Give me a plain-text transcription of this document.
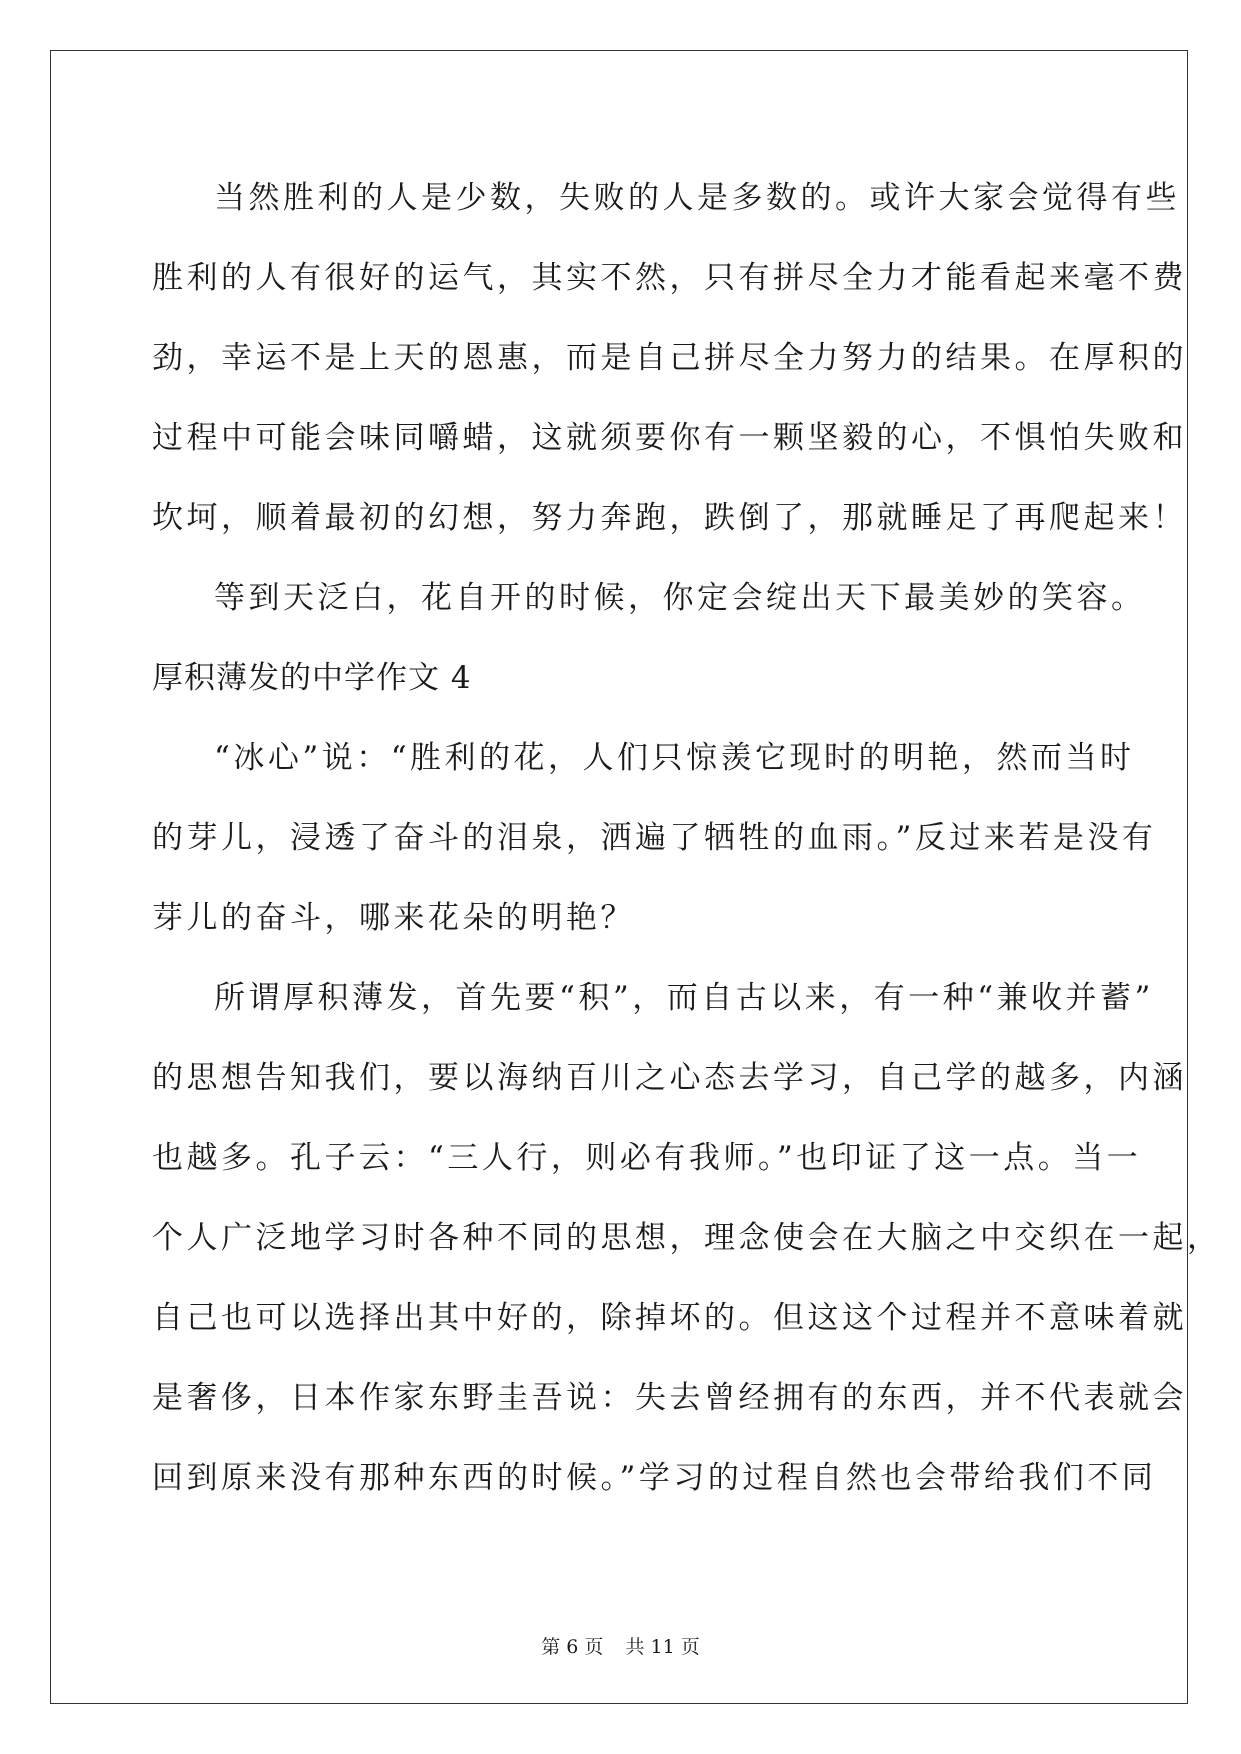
当然胜利的人是少数，失败的人是多数的。或许大家会觉得有些
胜利的人有很好的运气，其实不然，只有拼尽全力才能看起来毫不费
劲，幸运不是上天的恩惠，而是自己拼尽全力努力的结果。在厚积的
过程中可能会味同嚼蜡，这就须要你有一颗坚毅的心，不惧怕失败和
坎坷，顺着最初的幻想，努力奔跑，跌倒了，那就睡足了再爬起来！
等到天泛白，花自开的时候，你定会绽出天下最美妙的笑容。
厚积薄发的中学作文 4
“冰心”说：“胜利的花，人们只惊羡它现时的明艳，然而当时
的芽儿，浸透了奋斗的泪泉，洒遍了牺牲的血雨。”反过来若是没有
芽儿的奋斗，哪来花朵的明艳？
所谓厚积薄发，首先要“积”，而自古以来，有一种“兼收并蓄”
的思想告知我们，要以海纳百川之心态去学习，自己学的越多，内涵
也越多。孔子云：“三人行，则必有我师。”也印证了这一点。当一
个人广泛地学习时各种不同的思想，理念使会在大脑之中交织在一起，
自己也可以选择出其中好的，除掉坏的。但这这个过程并不意味着就
是奢侈，日本作家东野圭吾说：失去曾经拥有的东西，并不代表就会
回到原来没有那种东西的时候。”学习的过程自然也会带给我们不同
第 6 页 共 11 页
